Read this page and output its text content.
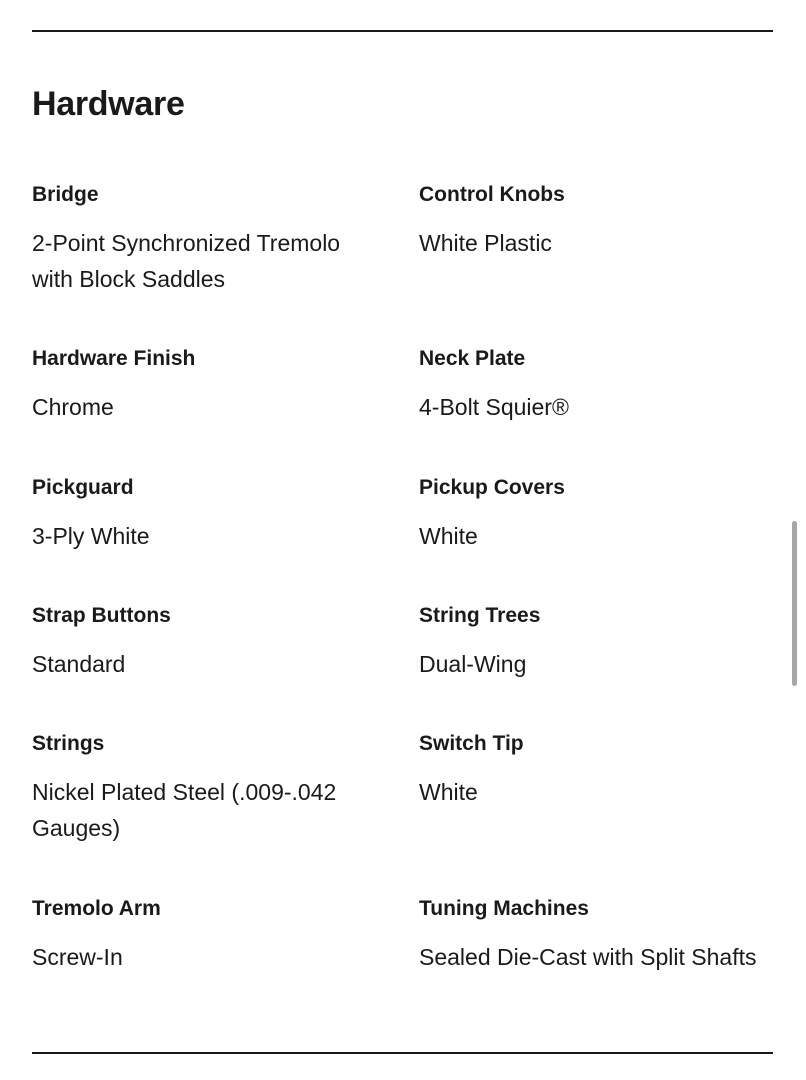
Hardware
Bridge
2-Point Synchronized Tremolo with Block Saddles
Control Knobs
White Plastic
Hardware Finish
Chrome
Neck Plate
4-Bolt Squier®
Pickguard
3-Ply White
Pickup Covers
White
Strap Buttons
Standard
String Trees
Dual-Wing
Strings
Nickel Plated Steel (.009-.042 Gauges)
Switch Tip
White
Tremolo Arm
Screw-In
Tuning Machines
Sealed Die-Cast with Split Shafts
